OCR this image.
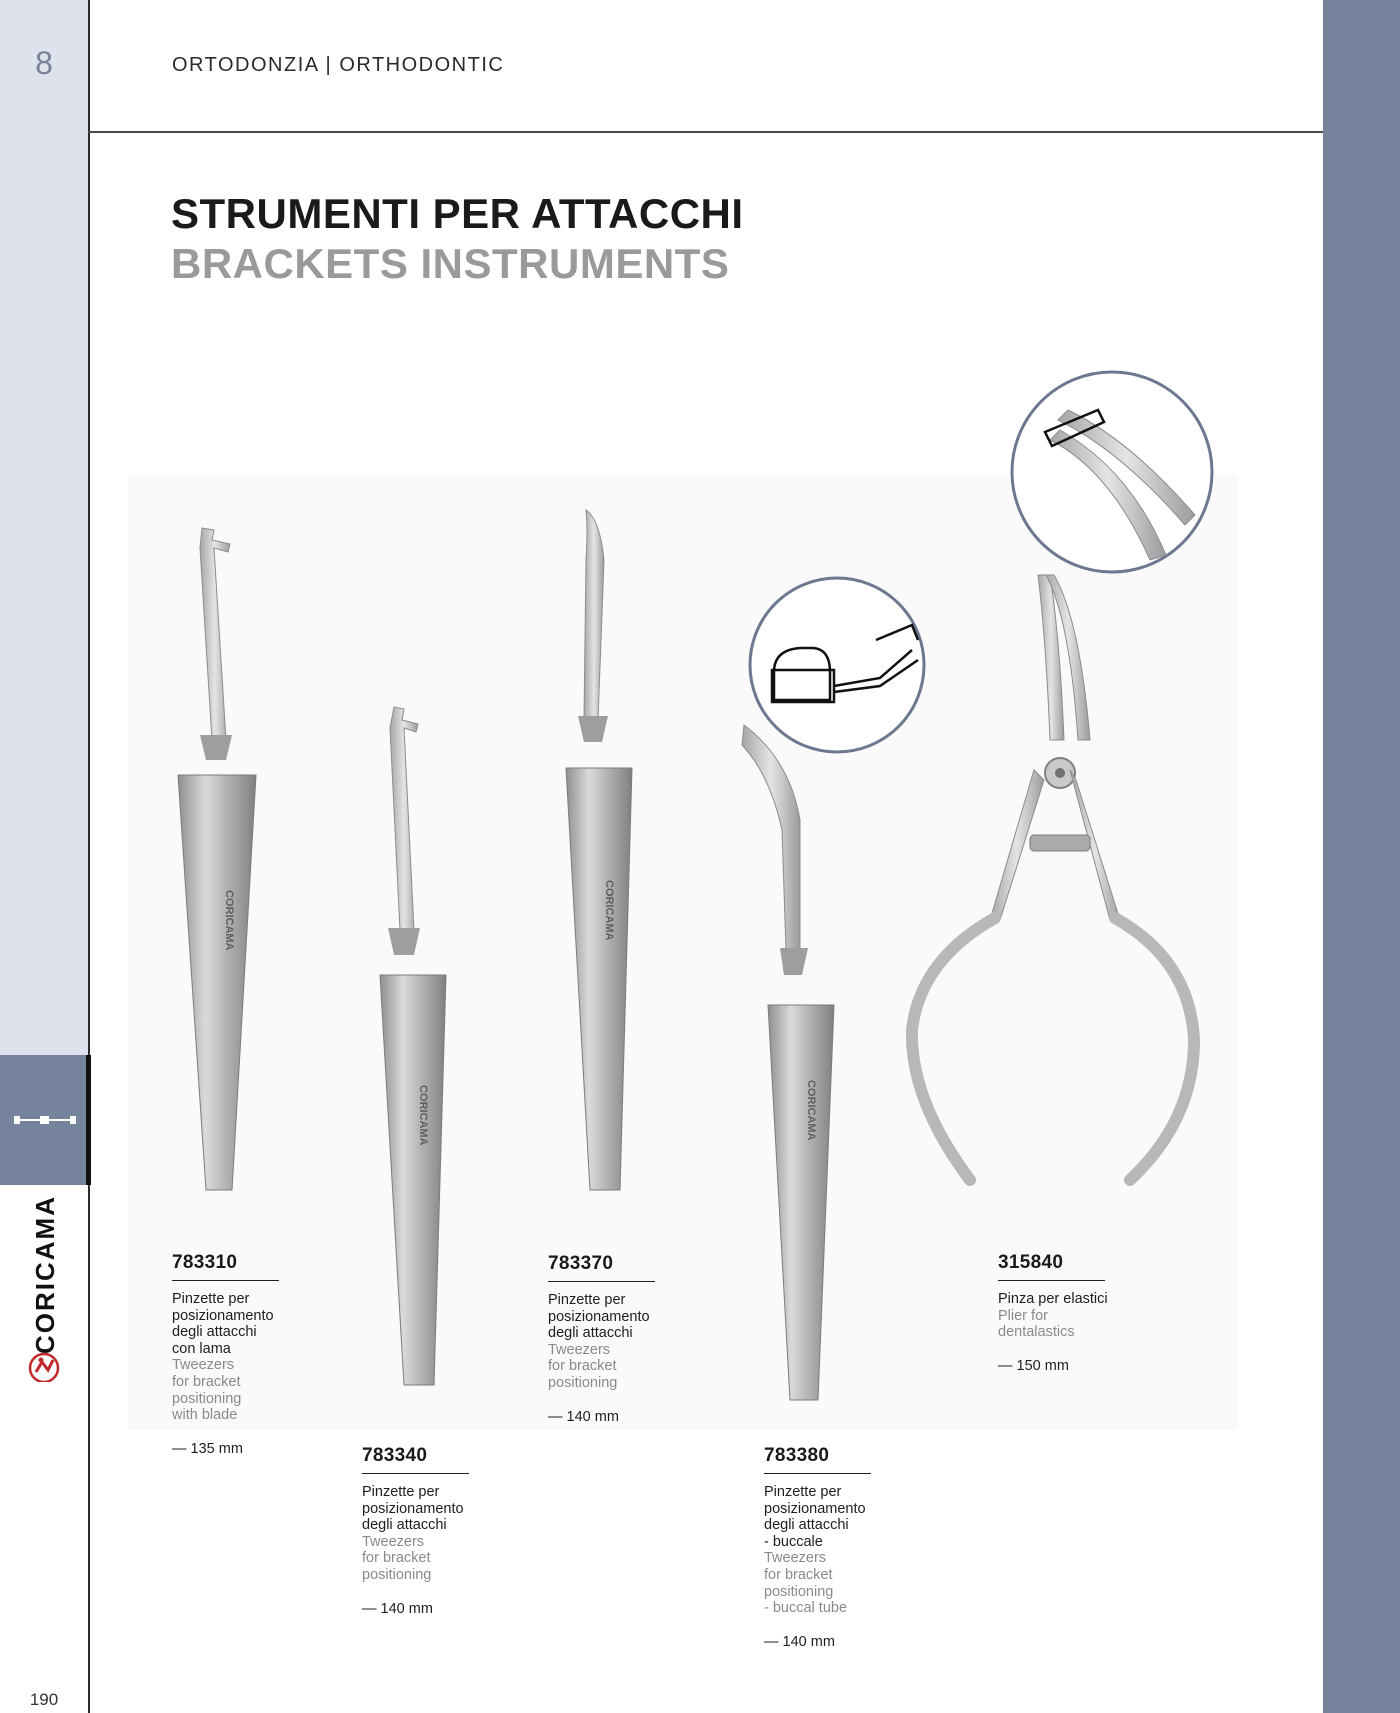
8
CORICAMA
190
ORTODONZIA | ORTHODONTIC
STRUMENTI PER ATTACCHI
BRACKETS INSTRUMENTS
CORICAMA
CORICAMA
CORICAMA
CORICAMA
783310
Pinzette per
posizionamento
degli attacchi
con lama
Tweezers
for bracket
positioning
with blade
— 135 mm	783340
Pinzette per
posizionamento
degli attacchi
Tweezers
for bracket
positioning
— 140 mm
783370
Pinzette per
posizionamento
degli attacchi
Tweezers
for bracket
positioning
— 140 mm
783380
Pinzette per
posizionamento
degli attacchi
- buccale
Tweezers
for bracket
positioning
- buccal tube
— 140 mm
315840
Pinza per elastici
Plier for
dentalastics
— 150 mm
